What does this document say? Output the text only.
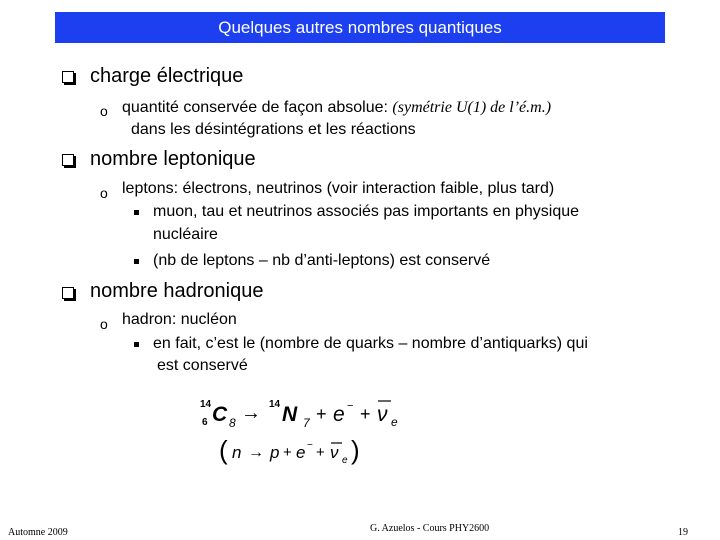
Quelques autres nombres quantiques
charge électrique
o quantité conservée de façon absolue: (symétrie U(1) de l’é.m.)
dans les désintégrations et les réactions
nombre leptonique
o leptons: électrons, neutrinos (voir interaction faible, plus tard)
muon, tau et neutrinos associés pas importants en physique
nucléaire
(nb de leptons – nb d’anti-leptons) est conservé
nombre hadronique
o hadron: nucléon
en fait, c’est le (nombre de quarks – nombre d’antiquarks) qui
est conservé
14
6 C 8 → 14 N 7 + e − + ν e
( n → p + e − + ν e )
Automne 2009	G. Azuelos - Cours PHY2600	19
